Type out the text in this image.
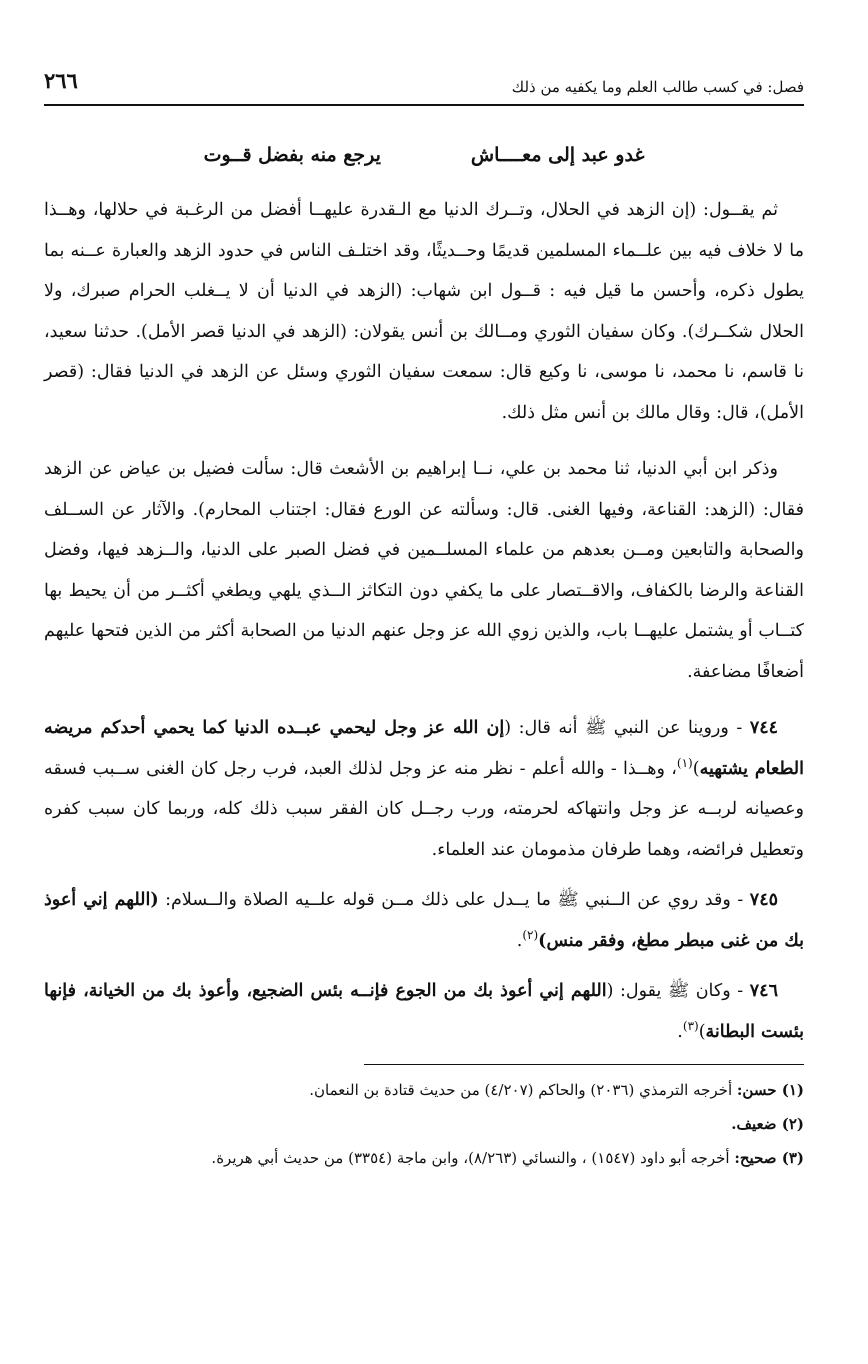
٢٦٦	فصل: في كسب طالب العلم وما يكفيه من ذلك
غدو عبد إلى معــــاش
يرجع منه بفضل قــوت

ثم يقــول: (إن الزهد في الحلال، وتــرك الدنيا مع الـقدرة عليهــا أفضل من الرغـبة في حلالها، وهــذا ما لا خلاف فيه بين علــماء المسلمين قديمًا وحــديثًا، وقد اختلـف الناس في حدود الزهد والعبارة عــنه بما يطول ذكره، وأحسن ما قيل فيه : قــول ابن شهاب: (الزهد في الدنيا أن لا يــغلب الحرام صبرك، ولا الحلال شكــرك). وكان سفيان الثوري ومــالك بن أنس يقولان: (الزهد في الدنيا قصر الأمل). حدثنا سعيد، نا قاسم، نا محمد، نا موسى، نا وكيع قال: سمعت سفيان الثوري وسئل عن الزهد في الدنيا فقال: (قصر الأمل)، قال: وقال مالك بن أنس مثل ذلك.

وذكر ابن أبي الدنيا، ثنا محمد بن علي، نــا إبراهيم بن الأشعث قال: سألت فضيل بن عياض عن الزهد فقال: (الزهد: القناعة، وفيها الغنى. قال: وسألته عن الورع فقال: اجتناب المحارم). والآثار عن الســلف والصحابة والتابعين ومــن بعدهم من علماء المسلــمين في فضل الصبر على الدنيا، والــزهد فيها، وفضل القناعة والرضا بالكفاف، والاقــتصار على ما يكفي دون التكاثز الــذي يلهي ويطغي أكثــر من أن يحيط بها كتــاب أو يشتمل عليهــا باب، والذين زوي الله عز وجل عنهم الدنيا من الصحابة أكثر من الذين فتحها عليهم أضعافًا مضاعفة.

٧٤٤ - وروينا عن النبي ﷺ أنه قال: (إن الله عز وجل ليحمي عبــده الدنيا كما يحمي أحدكم مريضه الطعام يشتهيه)$^{(١)}$، وهــذا - والله أعلم - نظر منه عز وجل لذلك العبد، فرب رجل كان الغنى ســبب فسقه وعصيانه لربــه عز وجل وانتهاكه لحرمته، ورب رجــل كان الفقر سبب ذلك كله، وربما كان سبب كفره وتعطيل فرائضه، وهما طرفان مذمومان عند العلماء.

٧٤٥ - وقد روي عن الــنبي ﷺ ما يــدل على ذلك مــن قوله علــيه الصلاة والــسلام: (اللهم إني أعوذ بك من غنى مبطر مطغ، وفقر منس)$^{(٢)}$.

٧٤٦ - وكان ﷺ يقول: (اللهم إني أعوذ بك من الجوع فإنــه بئس الضجيع، وأعوذ بك من الخيانة، فإنها بئست البطانة)$^{(٣)}$.

(١) حسن: أخرجه الترمذي (٢٠٣٦) والحاكم (٤/٢٠٧) من حديث قتادة بن النعمان.
(٢) ضعيف.
(٣) صحيح: أخرجه أبو داود (١٥٤٧) ، والنسائي (٨/٢٦٣)، وابن ماجة (٣٣٥٤) من حديث أبي هريرة.
